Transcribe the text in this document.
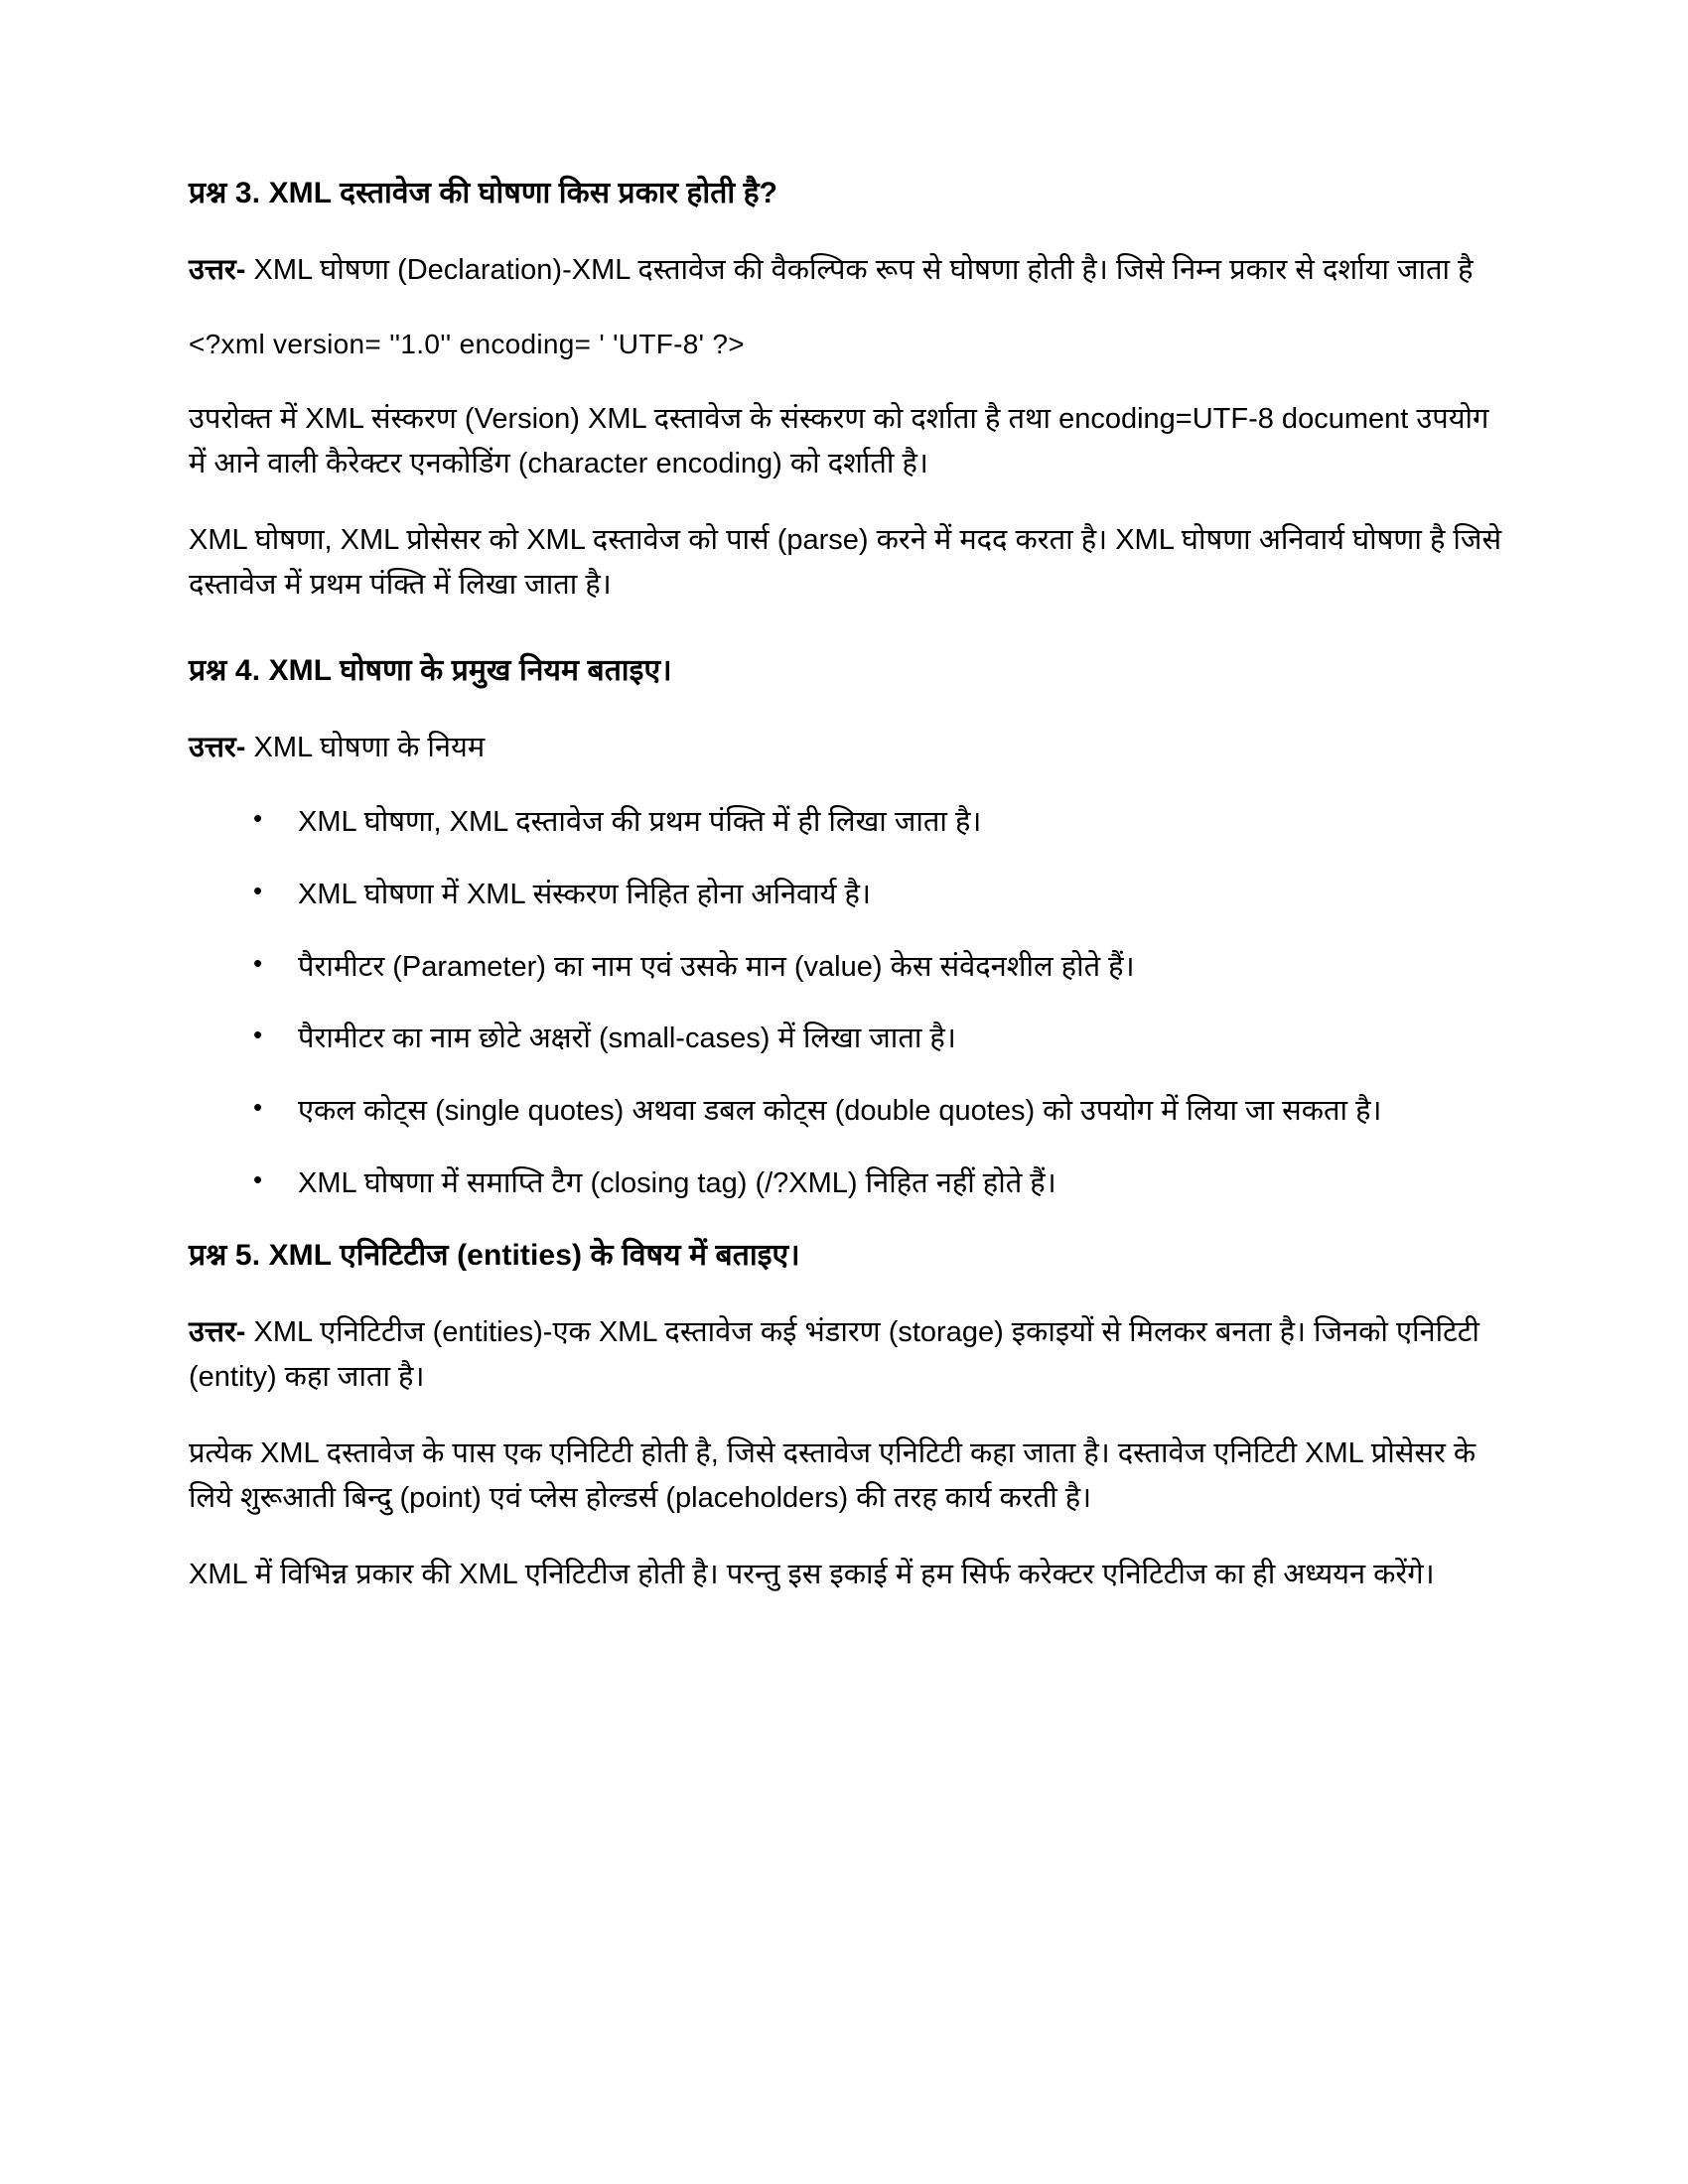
प्रश्न 3. XML दस्तावेज की घोषणा किस प्रकार होती है?

उत्तर- XML घोषणा (Declaration)-XML दस्तावेज की वैकल्पिक रूप से घोषणा होती है। जिसे निम्न प्रकार से दर्शाया जाता है

<?xml version= ''1.0'' encoding= ' 'UTF-8' ?>

उपरोक्त में XML संस्करण (Version) XML दस्तावेज के संस्करण को दर्शाता है तथा encoding=UTF-8 document उपयोग में आने वाली कैरेक्टर एनकोडिंग (character encoding) को दर्शाती है।

XML घोषणा, XML प्रोसेसर को XML दस्तावेज को पार्स (parse) करने में मदद करता है। XML घोषणा अनिवार्य घोषणा है जिसे दस्तावेज में प्रथम पंक्ति में लिखा जाता है।

प्रश्न 4. XML घोषणा के प्रमुख नियम बताइए।

उत्तर- XML घोषणा के नियम

• XML घोषणा, XML दस्तावेज की प्रथम पंक्ति में ही लिखा जाता है।
• XML घोषणा में XML संस्करण निहित होना अनिवार्य है।
• पैरामीटर (Parameter) का नाम एवं उसके मान (value) केस संवेदनशील होते हैं।
• पैरामीटर का नाम छोटे अक्षरों (small-cases) में लिखा जाता है।
• एकल कोट्स (single quotes) अथवा डबल कोट्स (double quotes) को उपयोग में लिया जा सकता है।
• XML घोषणा में समाप्ति टैग (closing tag) (/?XML) निहित नहीं होते हैं।
प्रश्न 5. XML एनिटिटीज (entities) के विषय में बताइए।

उत्तर- XML एनिटिटीज (entities)-एक XML दस्तावेज कई भंडारण (storage) इकाइयों से मिलकर बनता है। जिनको एनिटिटी (entity) कहा जाता है।

प्रत्येक XML दस्तावेज के पास एक एनिटिटी होती है, जिसे दस्तावेज एनिटिटी कहा जाता है। दस्तावेज एनिटिटी XML प्रोसेसर के लिये शुरूआती बिन्दु (point) एवं प्लेस होल्डर्स (placeholders) की तरह कार्य करती है।

XML में विभिन्न प्रकार की XML एनिटिटीज होती है। परन्तु इस इकाई में हम सिर्फ करेक्टर एनिटिटीज का ही अध्ययन करेंगे।
